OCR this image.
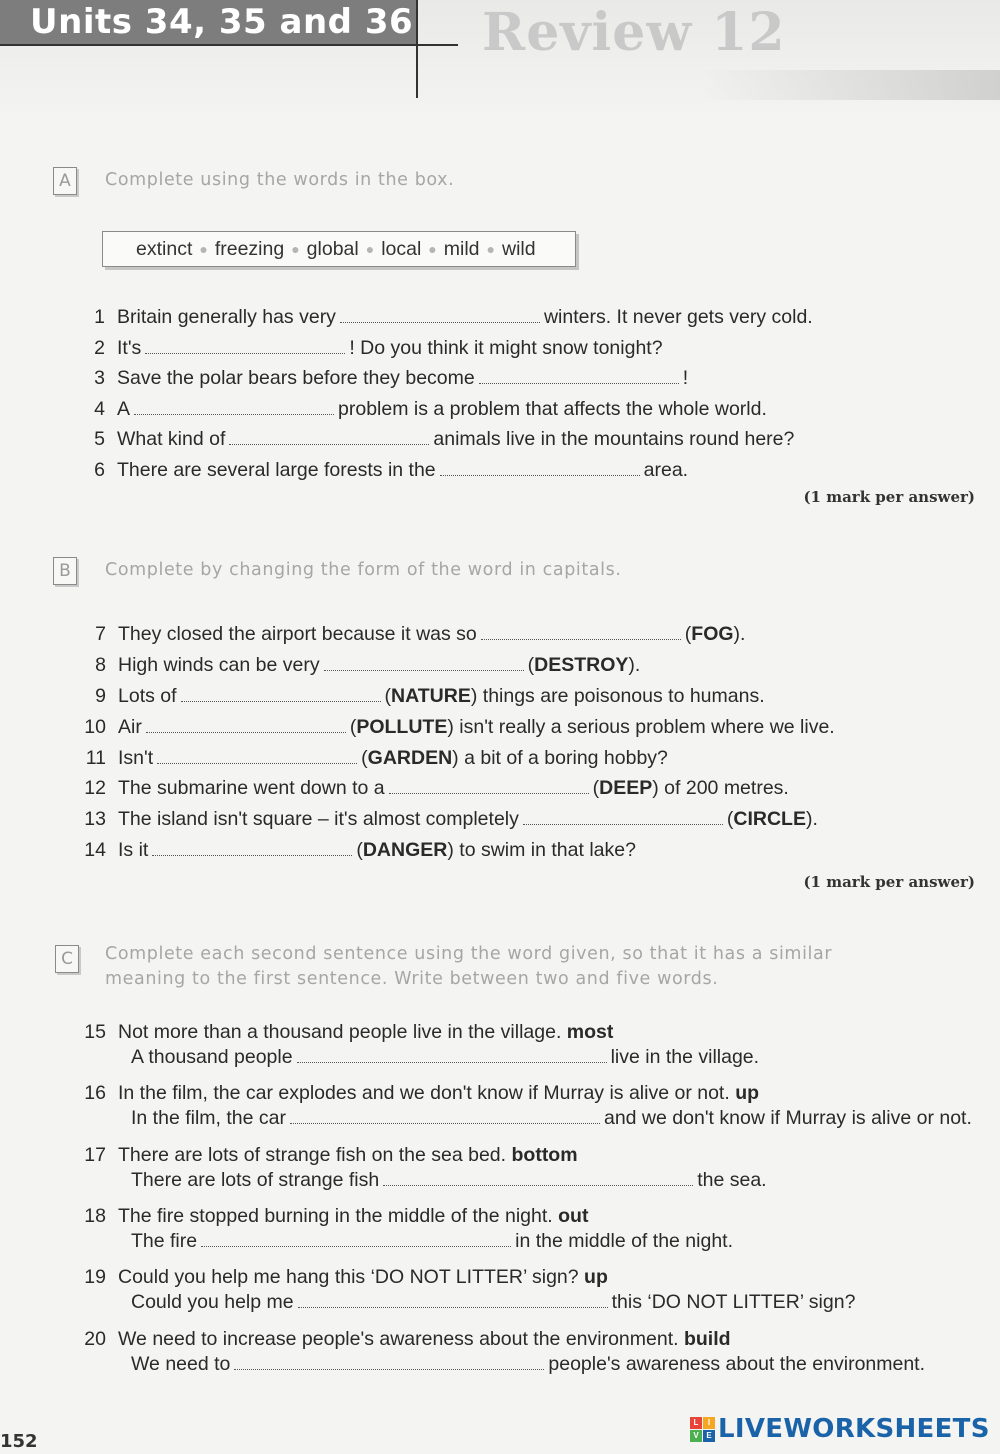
Units 34, 35 and 36 Review 12
A	Complete using the words in the box.
extinct ● freezing ● global ● local ● mild ● wild
1 Britain generally has very	winters. It never gets very cold.
2 It's	! Do you think it might snow tonight?
3 Save the polar bears before they become	!
4 A	problem is a problem that affects the whole world.
5 What kind of	animals live in the mountains round here?
6 There are several large forests in the	area.
(1 mark per answer)
B	Complete by changing the form of the word in capitals.
7 They closed the airport because it was so	(FOG).
8 High winds can be very	(DESTROY).
9 Lots of	(NATURE) things are poisonous to humans.
10 Air	(POLLUTE) isn't really a serious problem where we live.
11 Isn't	(GARDEN) a bit of a boring hobby?
12 The submarine went down to a	(DEEP) of 200 metres.
13 The island isn't square – it's almost completely	(CIRCLE).
14 Is it	(DANGER) to swim in that lake?
(1 mark per answer)
C	Complete each second sentence using the word given, so that it has a similar
meaning to the first sentence. Write between two and five words.
15 Not more than a thousand people live in the village. most
A thousand people	live in the village.
16 In the film, the car explodes and we don't know if Murray is alive or not. up
In the film, the car	and we don't know if Murray is alive or not.
17 There are lots of strange fish on the sea bed. bottom
There are lots of strange fish	the sea.
18 The fire stopped burning in the middle of the night. out
The fire	in the middle of the night.
19 Could you help me hang this ‘DO NOT LITTER’ sign? up
Could you help me	this ‘DO NOT LITTER’ sign?
20 We need to increase people's awareness about the environment. build
We need to	people's awareness about the environment.
152
L	I
V E LIVEWORKSHEETS
